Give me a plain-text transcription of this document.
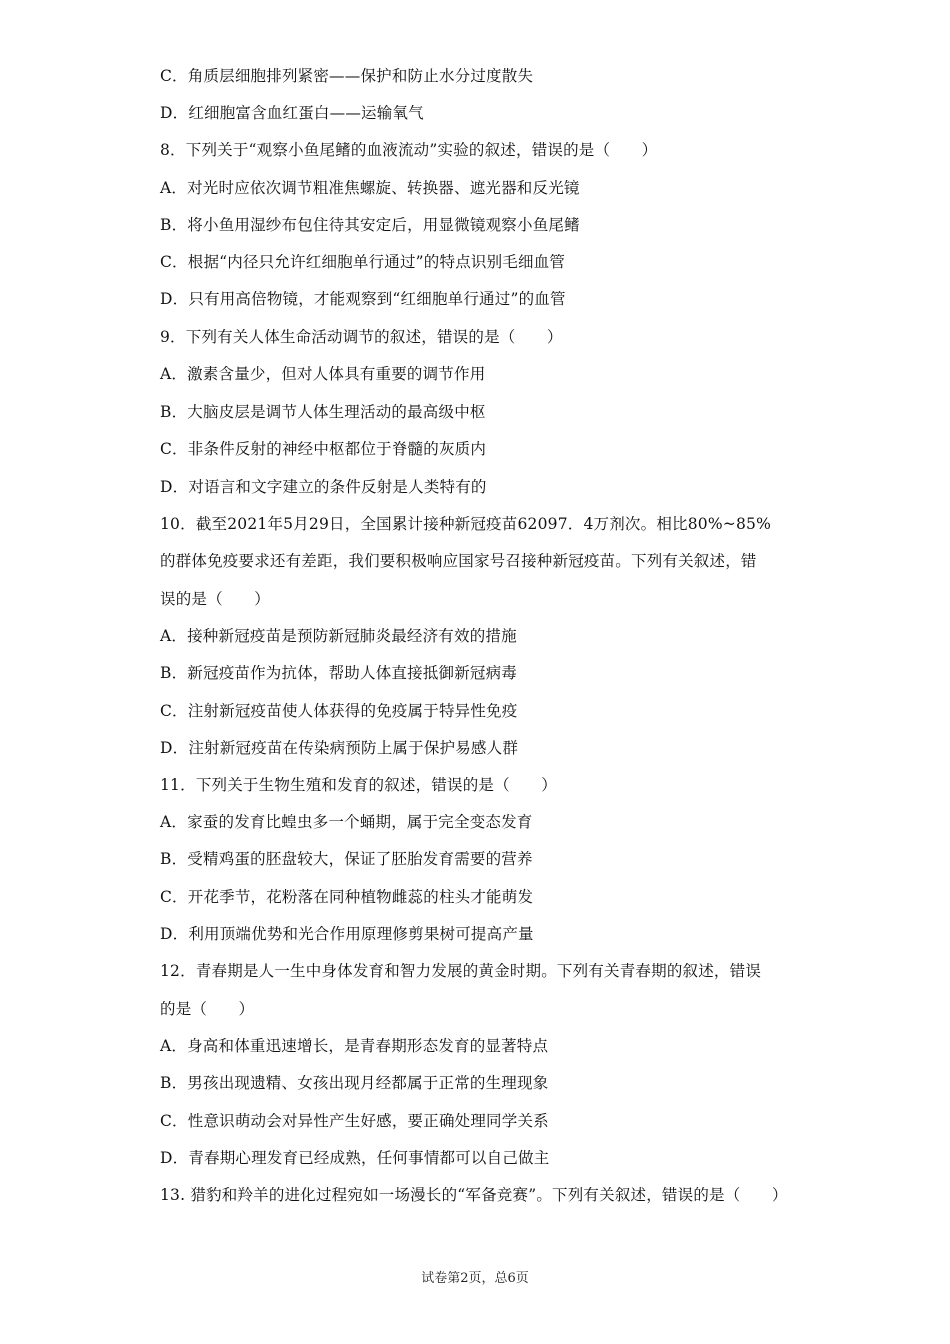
C．角质层细胞排列紧密——保护和防止水分过度散失
D．红细胞富含血红蛋白——运输氧气
8．下列关于“观察小鱼尾鳍的血液流动”实验的叙述，错误的是（　　）
A．对光时应依次调节粗准焦螺旋、转换器、遮光器和反光镜
B．将小鱼用湿纱布包住待其安定后，用显微镜观察小鱼尾鳍
C．根据“内径只允许红细胞单行通过”的特点识别毛细血管
D．只有用高倍物镜，才能观察到“红细胞单行通过”的血管
9．下列有关人体生命活动调节的叙述，错误的是（　　）
A．激素含量少，但对人体具有重要的调节作用
B．大脑皮层是调节人体生理活动的最高级中枢
C．非条件反射的神经中枢都位于脊髓的灰质内
D．对语言和文字建立的条件反射是人类特有的
10．截至2021年5月29日，全国累计接种新冠疫苗62097．4万剂次。相比80%~85%
的群体免疫要求还有差距，我们要积极响应国家号召接种新冠疫苗。下列有关叙述，错
误的是（　　）
A．接种新冠疫苗是预防新冠肺炎最经济有效的措施
B．新冠疫苗作为抗体，帮助人体直接抵御新冠病毒
C．注射新冠疫苗使人体获得的免疫属于特异性免疫
D．注射新冠疫苗在传染病预防上属于保护易感人群
11．下列关于生物生殖和发育的叙述，错误的是（　　）
A．家蚕的发育比蝗虫多一个蛹期，属于完全变态发育
B．受精鸡蛋的胚盘较大，保证了胚胎发育需要的营养
C．开花季节，花粉落在同种植物雌蕊的柱头才能萌发
D．利用顶端优势和光合作用原理修剪果树可提高产量
12．青春期是人一生中身体发育和智力发展的黄金时期。下列有关青春期的叙述，错误
的是（　　）
A．身高和体重迅速增长，是青春期形态发育的显著特点
B．男孩出现遗精、女孩出现月经都属于正常的生理现象
C．性意识萌动会对异性产生好感，要正确处理同学关系
D．青春期心理发育已经成熟，任何事情都可以自己做主
13. 猎豹和羚羊的进化过程宛如一场漫长的“军备竞赛”。下列有关叙述，错误的是（　　）
试卷第2页，总6页
